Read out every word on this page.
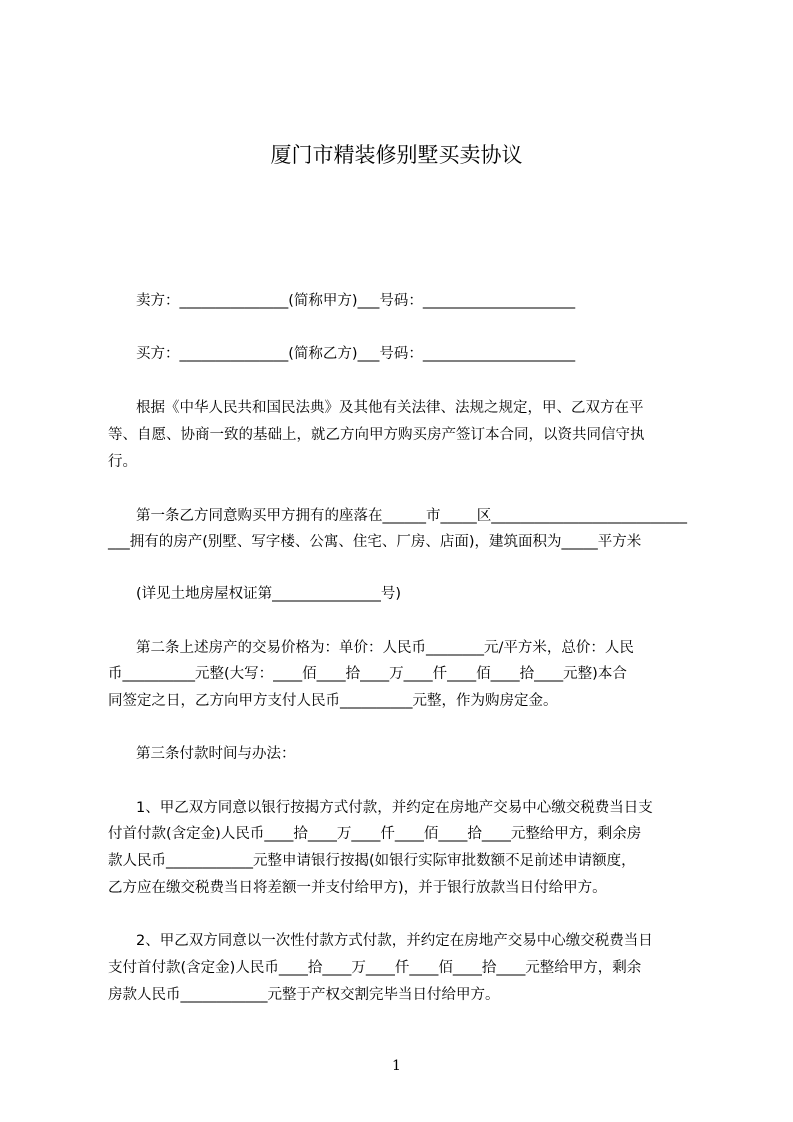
厦门市精装修别墅买卖协议
卖方：_______________(简称甲方)___号码：_____________________
买方：_______________(简称乙方)___号码：_____________________
根据《中华人民共和国民法典》及其他有关法律、法规之规定，甲、乙双方在平
等、自愿、协商一致的基础上，就乙方向甲方购买房产签订本合同，以资共同信守执
行。
第一条乙方同意购买甲方拥有的座落在______市_____区___________________________
___拥有的房产(别墅、写字楼、公寓、住宅、厂房、店面)，建筑面积为_____平方米
(详见土地房屋权证第_______________号)
第二条上述房产的交易价格为：单价：人民币________元/平方米，总价：人民
币__________元整(大写：____佰____拾____万____仟____佰____拾____元整)本合
同签定之日，乙方向甲方支付人民币__________元整，作为购房定金。
第三条付款时间与办法：
1、甲乙双方同意以银行按揭方式付款，并约定在房地产交易中心缴交税费当日支
付首付款(含定金)人民币____拾____万____仟____佰____拾____元整给甲方，剩余房
款人民币____________元整申请银行按揭(如银行实际审批数额不足前述申请额度，
乙方应在缴交税费当日将差额一并支付给甲方)，并于银行放款当日付给甲方。
2、甲乙双方同意以一次性付款方式付款，并约定在房地产交易中心缴交税费当日
支付首付款(含定金)人民币____拾____万____仟____佰____拾____元整给甲方，剩余
房款人民币____________元整于产权交割完毕当日付给甲方。
1
